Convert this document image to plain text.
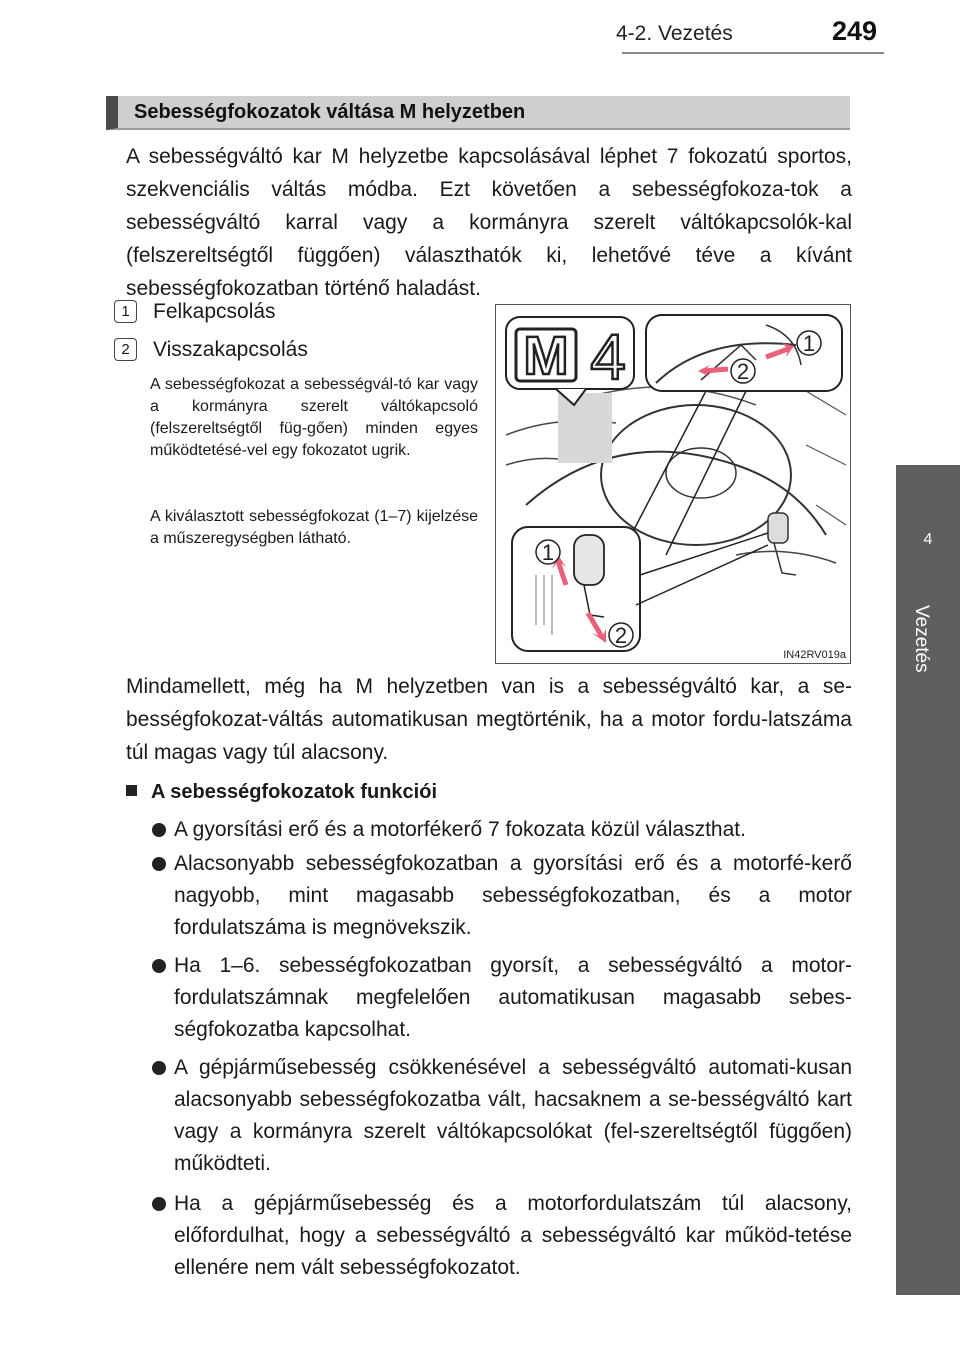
4-2. Vezetés	249
4
Vezetés
Sebességfokozatok váltása M helyzetben

A sebességváltó kar M helyzetbe kapcsolásával léphet 7 fokozatú sportos, szekvenciális váltás módba. Ezt követően a sebességfokoza-tok a sebességváltó karral vagy a kormányra szerelt váltókapcsolók-kal (felszereltségtől függően) választhatók ki, lehetővé téve a kívánt sebességfokozatban történő haladást.

1 Felkapcsolás
2 Visszakapcsolás

A sebességfokozat a sebességvál-tó kar vagy a kormányra szerelt váltókapcsoló (felszereltségtől füg-gően) minden egyes működtetésé-vel egy fokozatot ugrik.

A kiválasztott sebességfokozat (1–7) kijelzése a műszeregységben látható.

M 4	1
2
1
2
IN42RV019a

Mindamellett, még ha M helyzetben van is a sebességváltó kar, a se-bességfokozat-váltás automatikusan megtörténik, ha a motor fordu-latszáma túl magas vagy túl alacsony.

A sebességfokozatok funkciói

A gyorsítási erő és a motorfékerő 7 fokozata közül választhat.

Alacsonyabb sebességfokozatban a gyorsítási erő és a motorfé-kerő nagyobb, mint magasabb sebességfokozatban, és a motor fordulatszáma is megnövekszik.

Ha 1–6. sebességfokozatban gyorsít, a sebességváltó a motor-fordulatszámnak megfelelően automatikusan magasabb sebes-ségfokozatba kapcsolhat.

A gépjárműsebesség csökkenésével a sebességváltó automati-kusan alacsonyabb sebességfokozatba vált, hacsaknem a se-bességváltó kart vagy a kormányra szerelt váltókapcsolókat (fel-szereltségtől függően) működteti.

Ha a gépjárműsebesség és a motorfordulatszám túl alacsony, előfordulhat, hogy a sebességváltó a sebességváltó kar működ-tetése ellenére nem vált sebességfokozatot.
